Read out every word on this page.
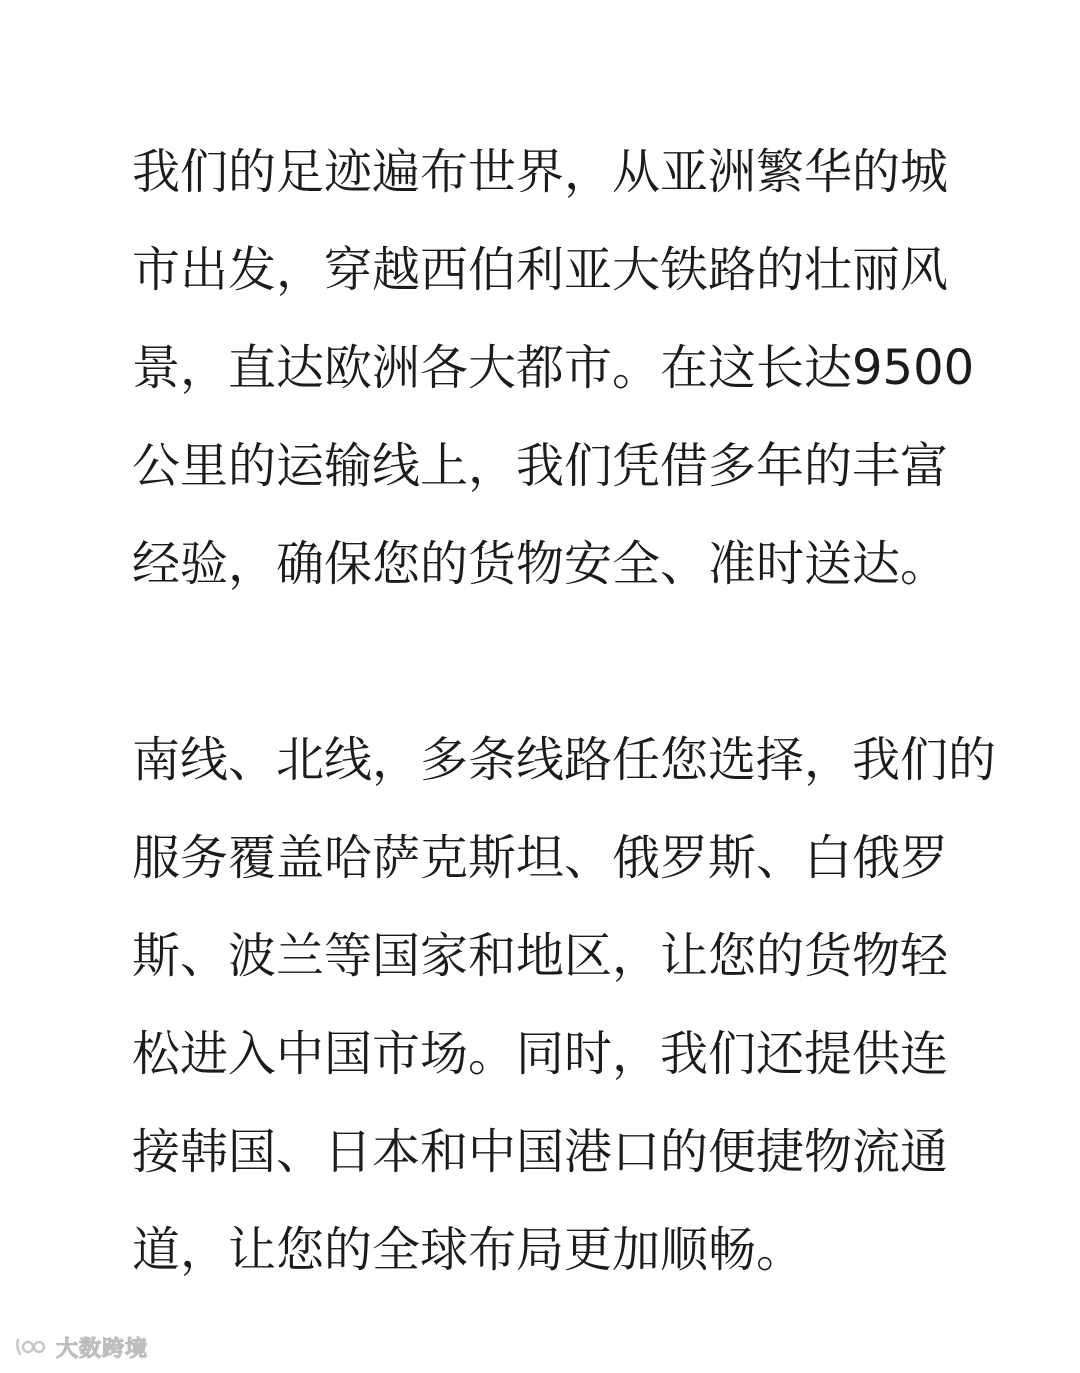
我们的足迹遍布世界，从亚洲繁华的城
市出发，穿越西伯利亚大铁路的壮丽风
景，直达欧洲各大都市。在这长达9500
公里的运输线上，我们凭借多年的丰富
经验，确保您的货物安全、准时送达。
南线、北线，多条线路任您选择，我们的
服务覆盖哈萨克斯坦、俄罗斯、白俄罗
斯、波兰等国家和地区，让您的货物轻
松进入中国市场。同时，我们还提供连
接韩国、日本和中国港口的便捷物流通
道，让您的全球布局更加顺畅。
大数跨境
